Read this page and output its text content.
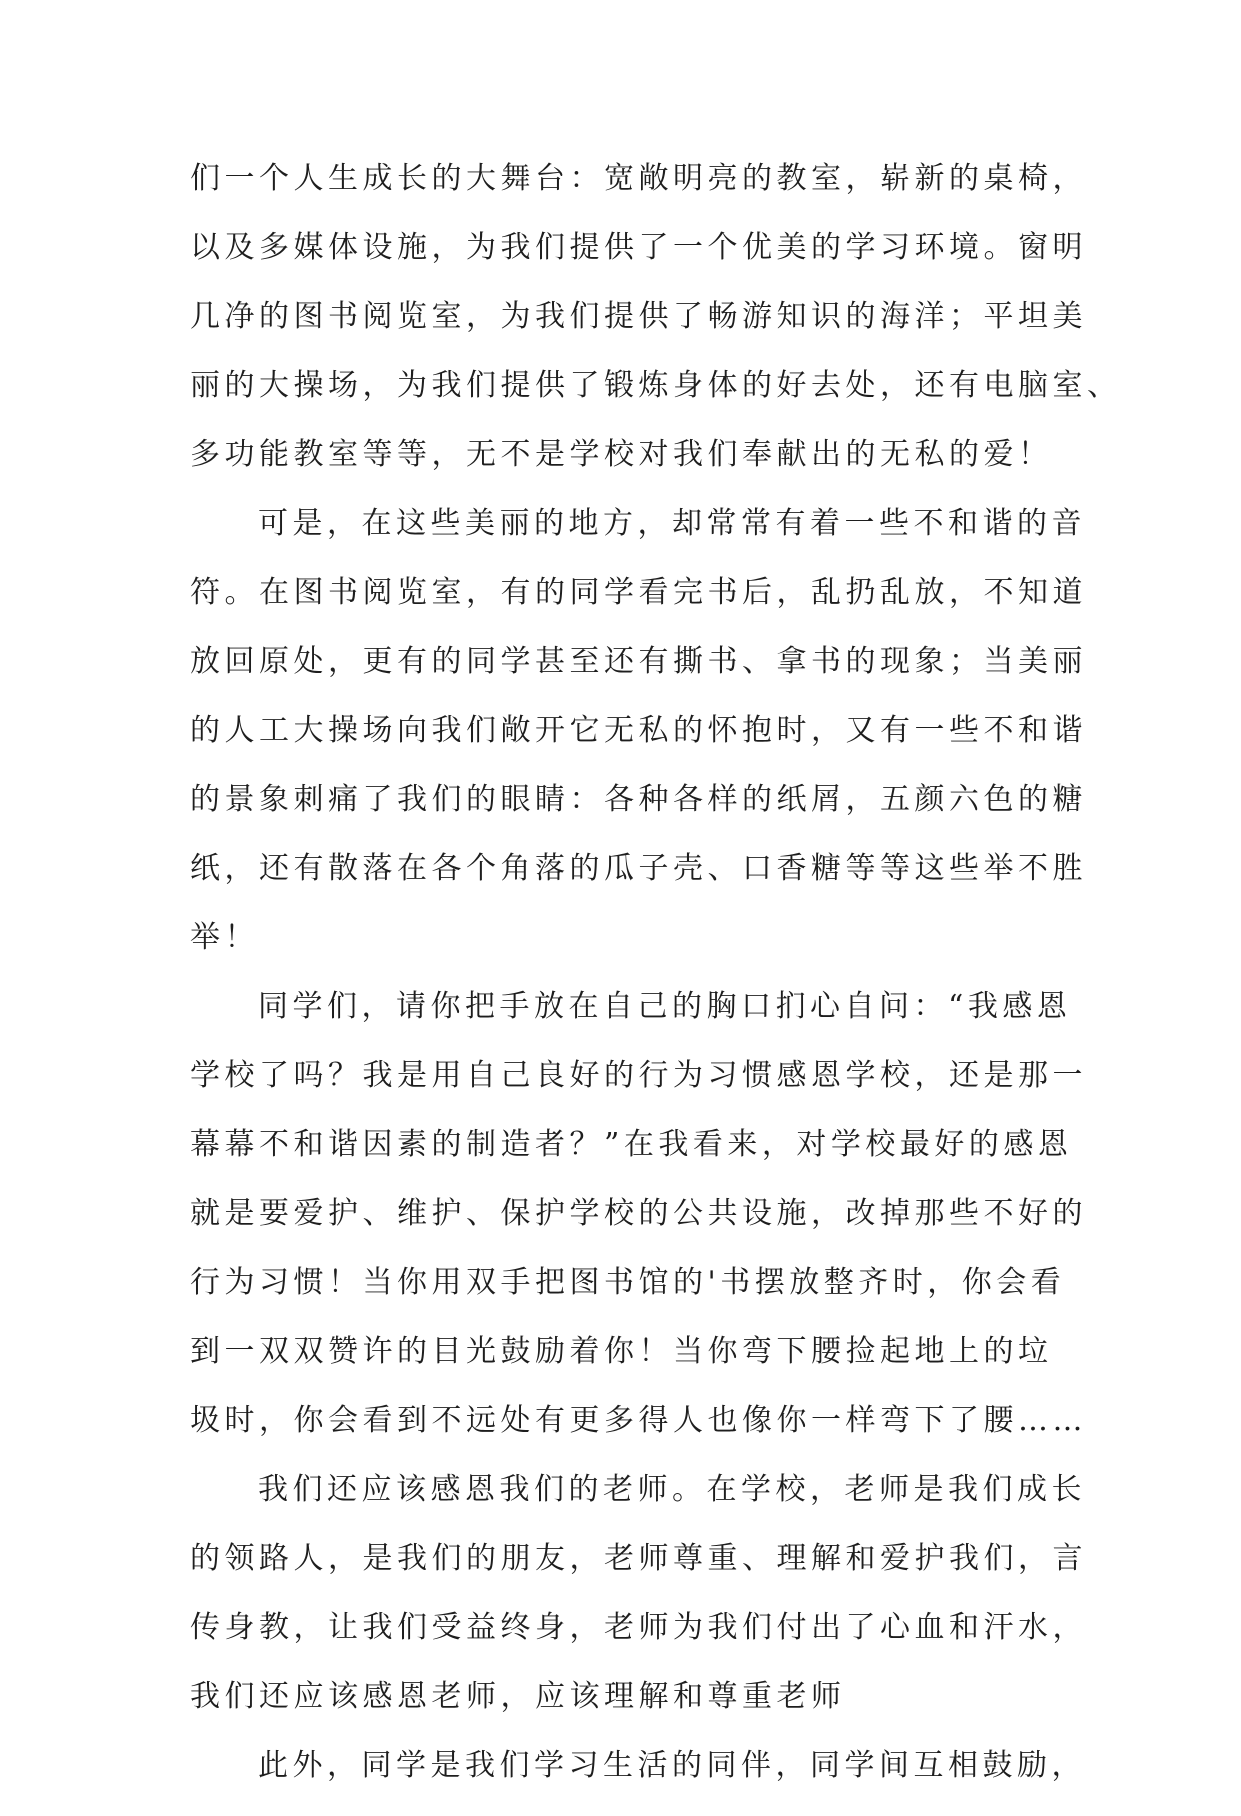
们一个人生成长的大舞台：宽敞明亮的教室，崭新的桌椅，
以及多媒体设施，为我们提供了一个优美的学习环境。窗明
几净的图书阅览室，为我们提供了畅游知识的海洋；平坦美
丽的大操场，为我们提供了锻炼身体的好去处，还有电脑室、
多功能教室等等，无不是学校对我们奉献出的无私的爱！
可是，在这些美丽的地方，却常常有着一些不和谐的音
符。在图书阅览室，有的同学看完书后，乱扔乱放，不知道
放回原处，更有的同学甚至还有撕书、拿书的现象；当美丽
的人工大操场向我们敞开它无私的怀抱时，又有一些不和谐
的景象刺痛了我们的眼睛：各种各样的纸屑，五颜六色的糖
纸，还有散落在各个角落的瓜子壳、口香糖等等这些举不胜
举！
同学们，请你把手放在自己的胸口扪心自问：“我感恩
学校了吗？我是用自己良好的行为习惯感恩学校，还是那一
幕幕不和谐因素的制造者？”在我看来，对学校最好的感恩
就是要爱护、维护、保护学校的公共设施，改掉那些不好的
行为习惯！当你用双手把图书馆的'书摆放整齐时，你会看
到一双双赞许的目光鼓励着你！当你弯下腰捡起地上的垃
圾时，你会看到不远处有更多得人也像你一样弯下了腰……
我们还应该感恩我们的老师。在学校，老师是我们成长
的领路人，是我们的朋友，老师尊重、理解和爱护我们，言
传身教，让我们受益终身，老师为我们付出了心血和汗水，
我们还应该感恩老师，应该理解和尊重老师
此外，同学是我们学习生活的同伴，同学间互相鼓励，
